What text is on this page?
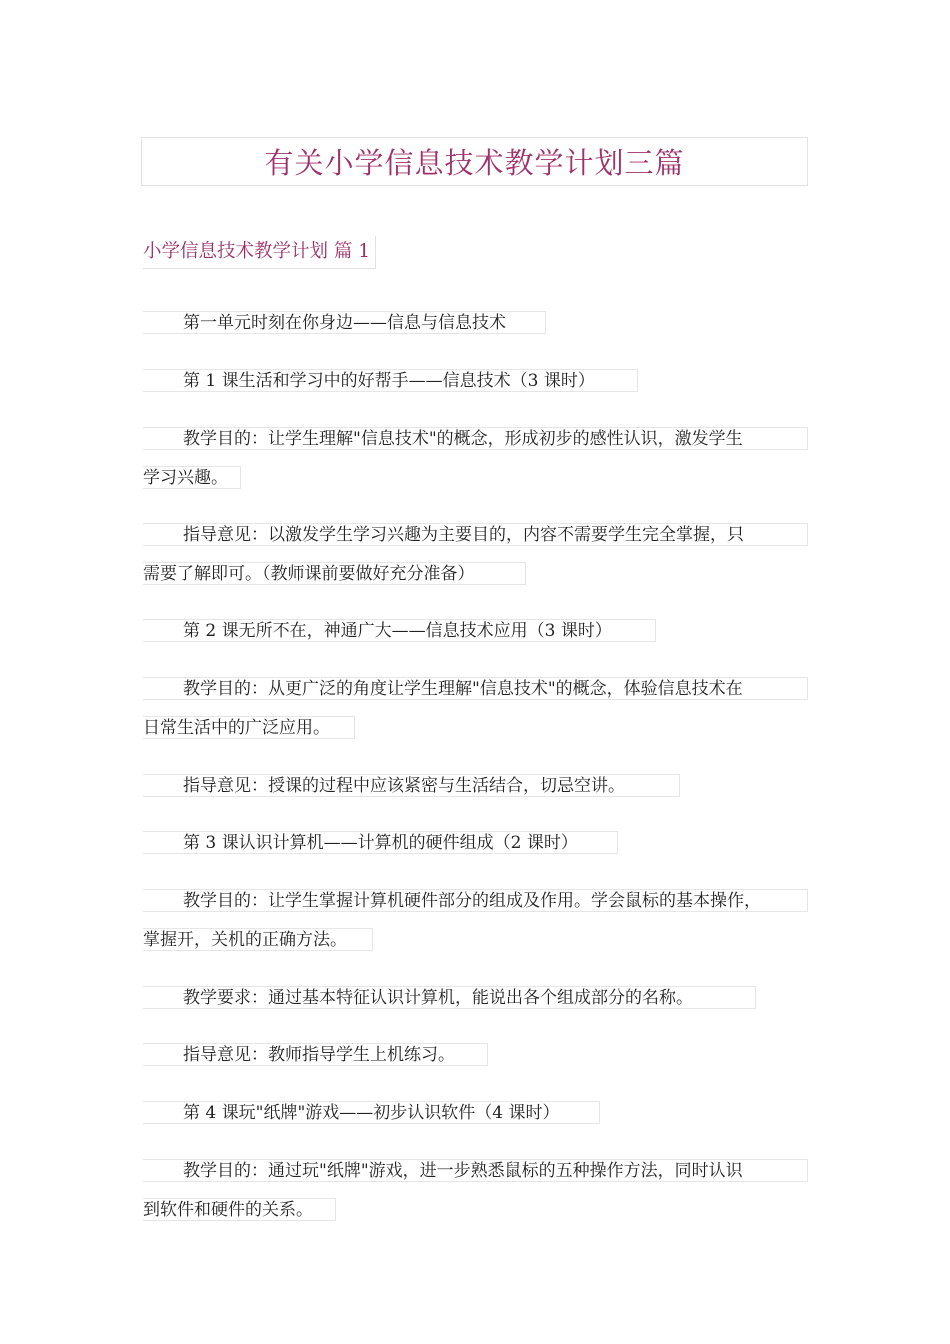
有关小学信息技术教学计划三篇
小学信息技术教学计划 篇 1
第一单元时刻在你身边——信息与信息技术
第 1 课生活和学习中的好帮手——信息技术（3 课时）
教学目的：让学生理解"信息技术"的概念，形成初步的感性认识，激发学生
学习兴趣。
指导意见：以激发学生学习兴趣为主要目的，内容不需要学生完全掌握，只
需要了解即可。（教师课前要做好充分准备）
第 2 课无所不在，神通广大——信息技术应用（3 课时）
教学目的：从更广泛的角度让学生理解"信息技术"的概念，体验信息技术在
日常生活中的广泛应用。
指导意见：授课的过程中应该紧密与生活结合，切忌空讲。
第 3 课认识计算机——计算机的硬件组成（2 课时）
教学目的：让学生掌握计算机硬件部分的组成及作用。学会鼠标的基本操作，
掌握开，关机的正确方法。
教学要求：通过基本特征认识计算机，能说出各个组成部分的名称。
指导意见：教师指导学生上机练习。
第 4 课玩"纸牌"游戏——初步认识软件（4 课时）
教学目的：通过玩"纸牌"游戏，进一步熟悉鼠标的五种操作方法，同时认识
到软件和硬件的关系。
